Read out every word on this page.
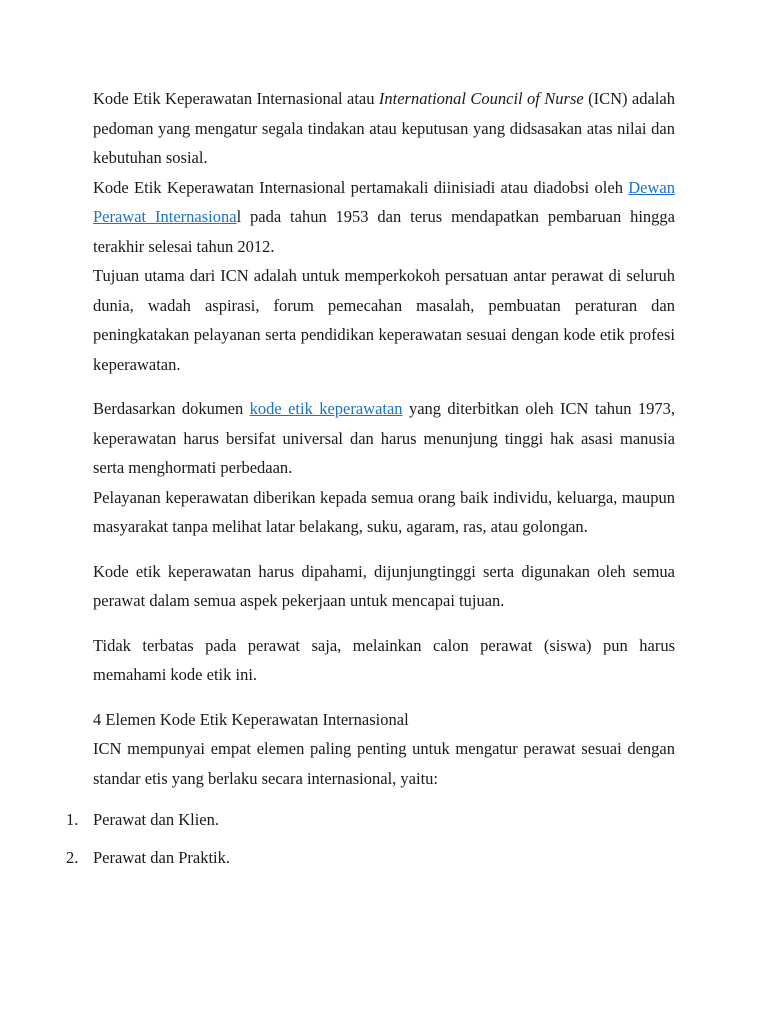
Kode Etik Keperawatan Internasional atau International Council of Nurse (ICN) adalah pedoman yang mengatur segala tindakan atau keputusan yang didsasakan atas nilai dan kebutuhan sosial.

Kode Etik Keperawatan Internasional pertamakali diinisiadi atau diadobsi oleh Dewan Perawat Internasional pada tahun 1953 dan terus mendapatkan pembaruan hingga terakhir selesai tahun 2012.

Tujuan utama dari ICN adalah untuk memperkokoh persatuan antar perawat di seluruh dunia, wadah aspirasi, forum pemecahan masalah, pembuatan peraturan dan peningkatakan pelayanan serta pendidikan keperawatan sesuai dengan kode etik profesi keperawatan.

Berdasarkan dokumen kode etik keperawatan yang diterbitkan oleh ICN tahun 1973, keperawatan harus bersifat universal dan harus menunjung tinggi hak asasi manusia serta menghormati perbedaan.

Pelayanan keperawatan diberikan kepada semua orang baik individu, keluarga, maupun masyarakat tanpa melihat latar belakang, suku, agaram, ras, atau golongan.

Kode etik keperawatan harus dipahami, dijunjungtinggi serta digunakan oleh semua perawat dalam semua aspek pekerjaan untuk mencapai tujuan.

Tidak terbatas pada perawat saja, melainkan calon perawat (siswa) pun harus memahami kode etik ini.

4 Elemen Kode Etik Keperawatan Internasional

ICN mempunyai empat elemen paling penting untuk mengatur perawat sesuai dengan standar etis yang berlaku secara internasional, yaitu:

1. Perawat dan Klien.
2. Perawat dan Praktik.
